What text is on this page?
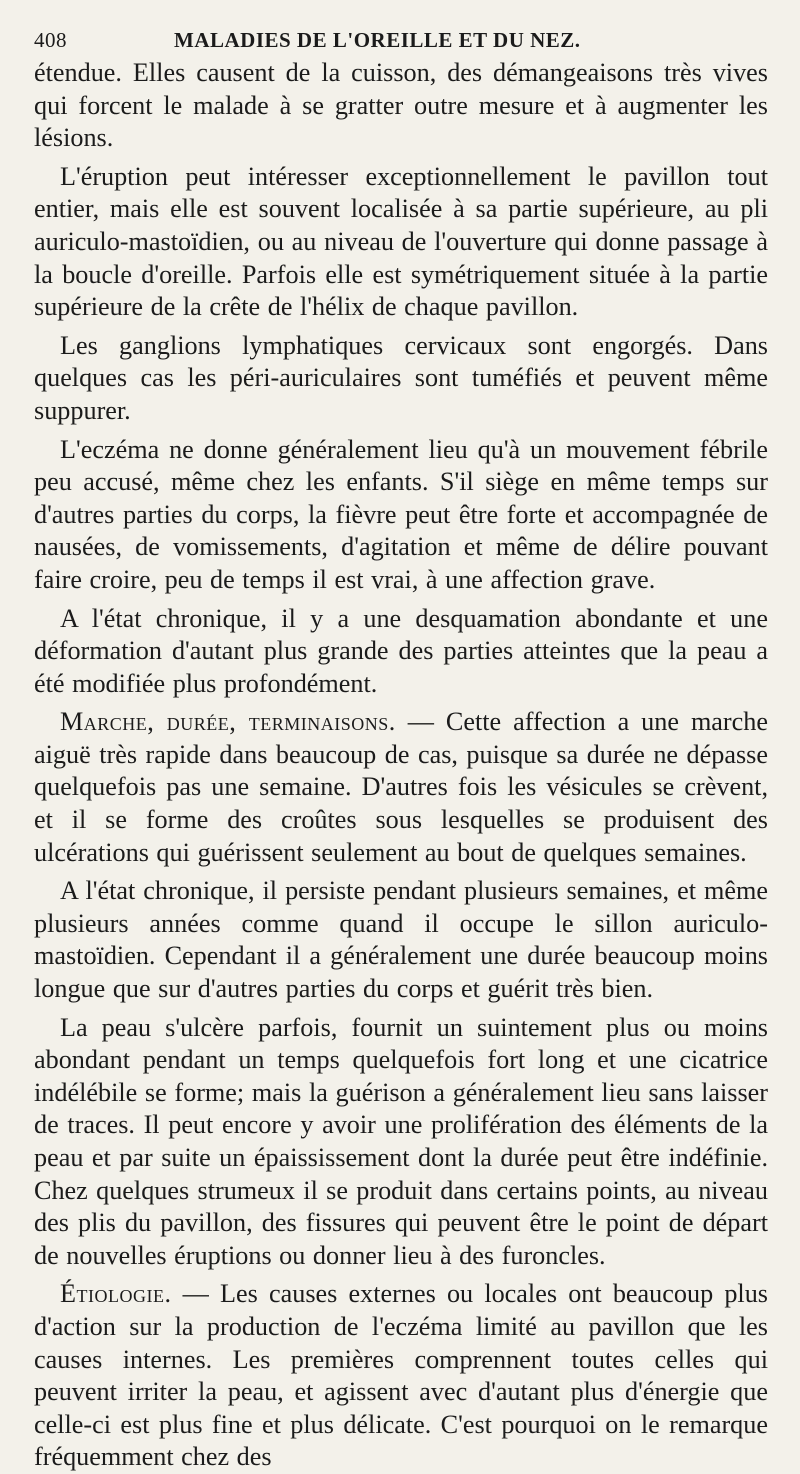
408	MALADIES DE L'OREILLE ET DU NEZ.

étendue. Elles causent de la cuisson, des démangeaisons très vives qui forcent le malade à se gratter outre mesure et à augmenter les lésions.

L'éruption peut intéresser exceptionnellement le pavillon tout entier, mais elle est souvent localisée à sa partie supérieure, au pli auriculo-mastoïdien, ou au niveau de l'ouverture qui donne passage à la boucle d'oreille. Parfois elle est symétriquement située à la partie supérieure de la crête de l'hélix de chaque pavillon.

Les ganglions lymphatiques cervicaux sont engorgés. Dans quelques cas les péri-auriculaires sont tuméfiés et peuvent même suppurer.

L'eczéma ne donne généralement lieu qu'à un mouvement fébrile peu accusé, même chez les enfants. S'il siège en même temps sur d'autres parties du corps, la fièvre peut être forte et accompagnée de nausées, de vomissements, d'agitation et même de délire pouvant faire croire, peu de temps il est vrai, à une affection grave.

A l'état chronique, il y a une desquamation abondante et une déformation d'autant plus grande des parties atteintes que la peau a été modifiée plus profondément.

Marche, durée, terminaisons. — Cette affection a une marche aiguë très rapide dans beaucoup de cas, puisque sa durée ne dépasse quelquefois pas une semaine. D'autres fois les vésicules se crèvent, et il se forme des croûtes sous lesquelles se produisent des ulcérations qui guérissent seulement au bout de quelques semaines.

A l'état chronique, il persiste pendant plusieurs semaines, et même plusieurs années comme quand il occupe le sillon auriculo-mastoïdien. Cependant il a généralement une durée beaucoup moins longue que sur d'autres parties du corps et guérit très bien.

La peau s'ulcère parfois, fournit un suintement plus ou moins abondant pendant un temps quelquefois fort long et une cicatrice indélébile se forme; mais la guérison a généralement lieu sans laisser de traces. Il peut encore y avoir une prolifération des éléments de la peau et par suite un épaississement dont la durée peut être indéfinie. Chez quelques strumeux il se produit dans certains points, au niveau des plis du pavillon, des fissures qui peuvent être le point de départ de nouvelles éruptions ou donner lieu à des furoncles.

Étiologie. — Les causes externes ou locales ont beaucoup plus d'action sur la production de l'eczéma limité au pavillon que les causes internes. Les premières comprennent toutes celles qui peuvent irriter la peau, et agissent avec d'autant plus d'énergie que celle-ci est plus fine et plus délicate. C'est pourquoi on le remarque fréquemment chez des
